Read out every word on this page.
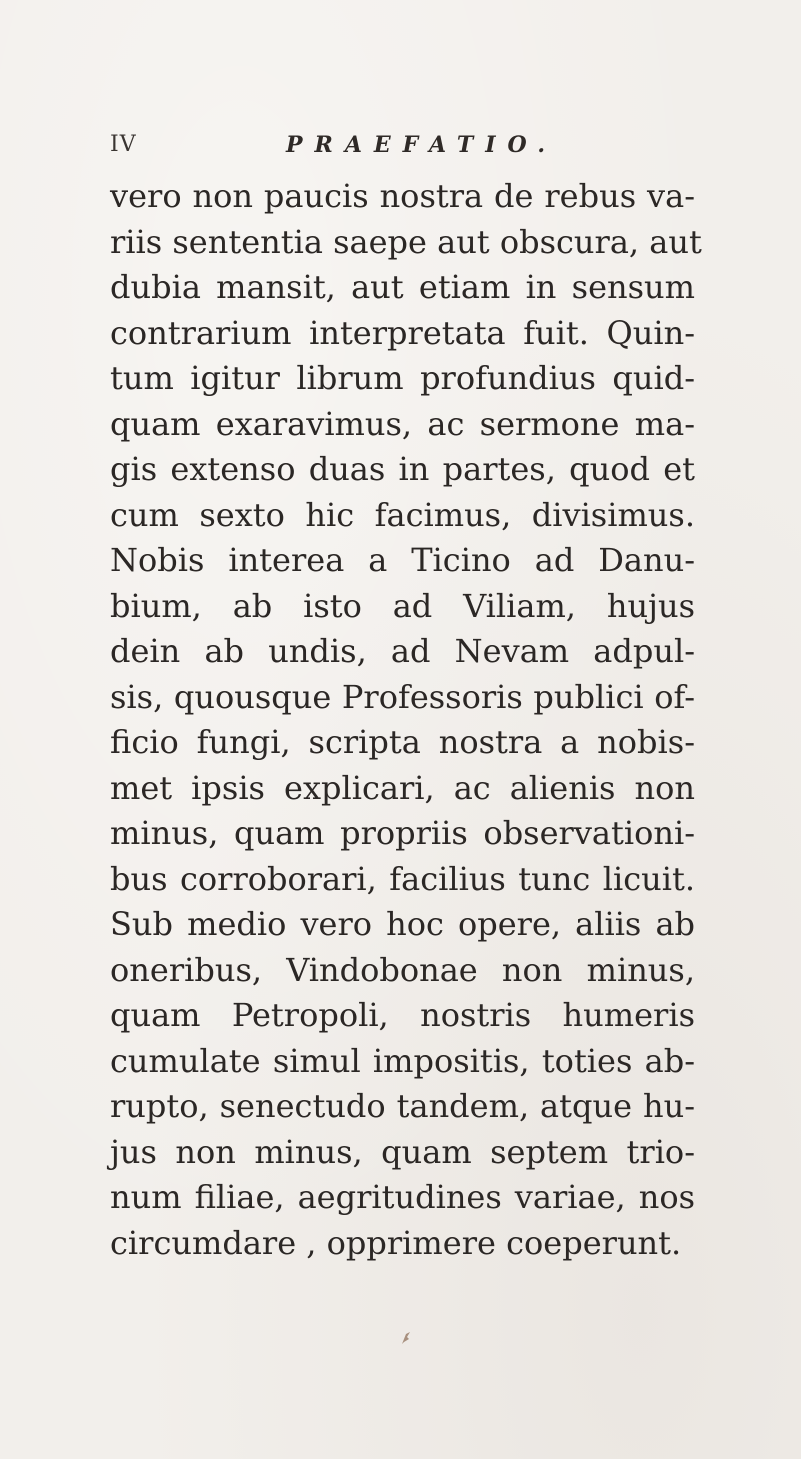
IV	PRAEFATIO.
vero non paucis nostra de rebus va-
riis sententia saepe aut obscura, aut
dubia mansit, aut etiam in sensum
contrarium interpretata fuit. Quin-
tum igitur librum profundius quid-
quam exaravimus, ac sermone ma-
gis extenso duas in partes, quod et
cum sexto hic facimus, divisimus.
Nobis interea a Ticino ad Danu-
bium, ab isto ad Viliam, hujus
dein ab undis, ad Nevam adpul-
sis, quousque Professoris publici of-
ficio fungi, scripta nostra a nobis-
met ipsis explicari, ac alienis non
minus, quam propriis observationi-
bus corroborari, facilius tunc licuit.
Sub medio vero hoc opere, aliis ab
oneribus, Vindobonae non minus,
quam Petropoli, nostris humeris
cumulate simul impositis, toties ab-
rupto, senectudo tandem, atque hu-
jus non minus, quam septem trio-
num filiae, aegritudines variae, nos
circumdare , opprimere coeperunt.
